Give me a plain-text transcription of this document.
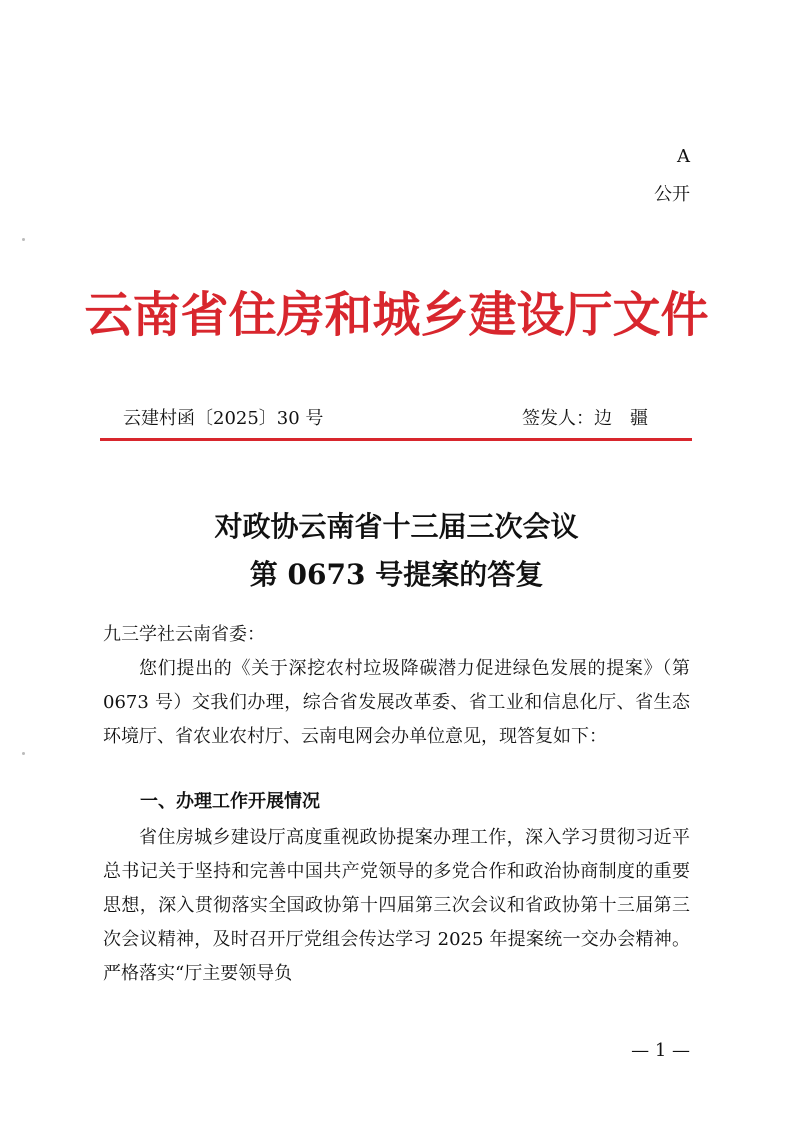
A
公开
云南省住房和城乡建设厅文件
云建村函〔2025〕30 号	签发人：边　疆
对政协云南省十三届三次会议
第 0673 号提案的答复
九三学社云南省委：

您们提出的《关于深挖农村垃圾降碳潜力促进绿色发展的提案》（第 0673 号）交我们办理，综合省发展改革委、省工业和信息化厅、省生态环境厅、省农业农村厅、云南电网会办单位意见，现答复如下：

一、办理工作开展情况

省住房城乡建设厅高度重视政协提案办理工作，深入学习贯彻习近平总书记关于坚持和完善中国共产党领导的多党合作和政治协商制度的重要思想，深入贯彻落实全国政协第十四届第三次会议和省政协第十三届第三次会议精神，及时召开厅党组会传达学习 2025 年提案统一交办会精神。严格落实“厅主要领导负

— 1 —
